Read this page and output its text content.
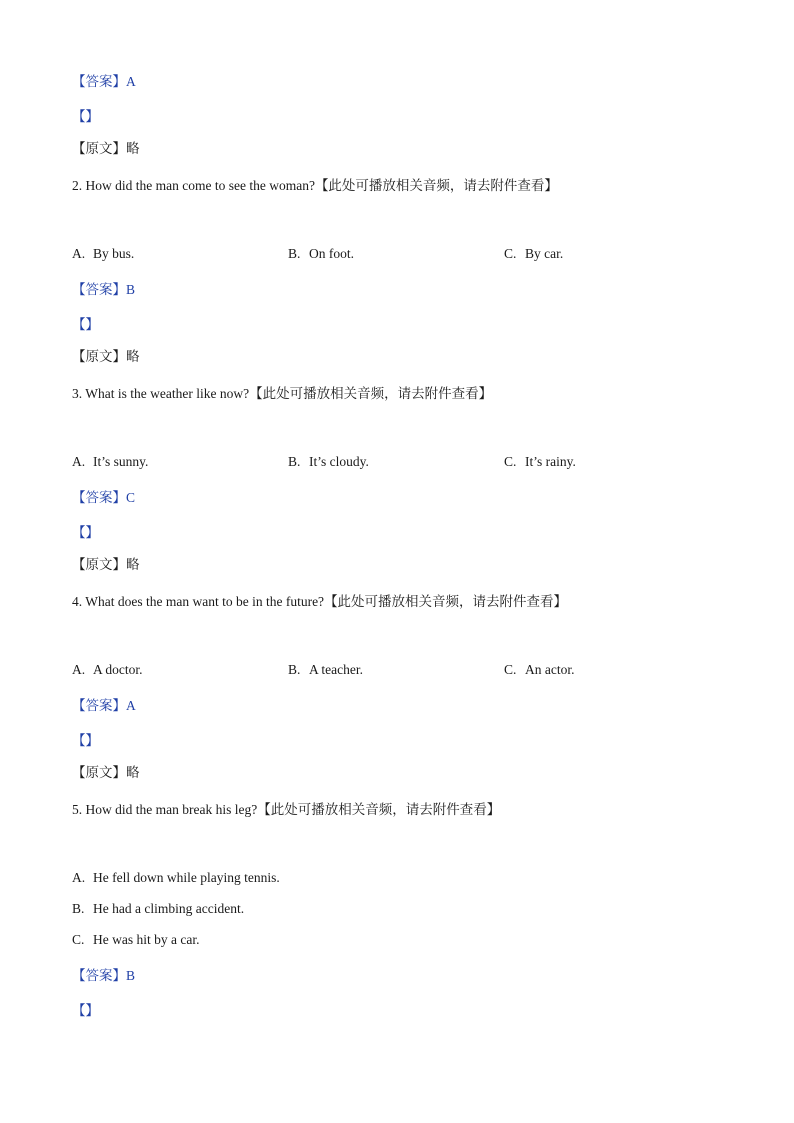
【答案】A
【】
【原文】略
2. How did the man come to see the woman?【此处可播放相关音频，请去附件查看】
A. By bus.	B. On foot.	C. By car.
【答案】B
【】
【原文】略
3. What is the weather like now?【此处可播放相关音频，请去附件查看】
A. It’s sunny.	B. It’s cloudy.	C. It’s rainy.
【答案】C
【】
【原文】略
4. What does the man want to be in the future?【此处可播放相关音频，请去附件查看】
A. A doctor.	B. A teacher.	C. An actor.
【答案】A
【】
【原文】略
5. How did the man break his leg?【此处可播放相关音频，请去附件查看】
A. He fell down while playing tennis.
B. He had a climbing accident.
C. He was hit by a car.
【答案】B
【】
